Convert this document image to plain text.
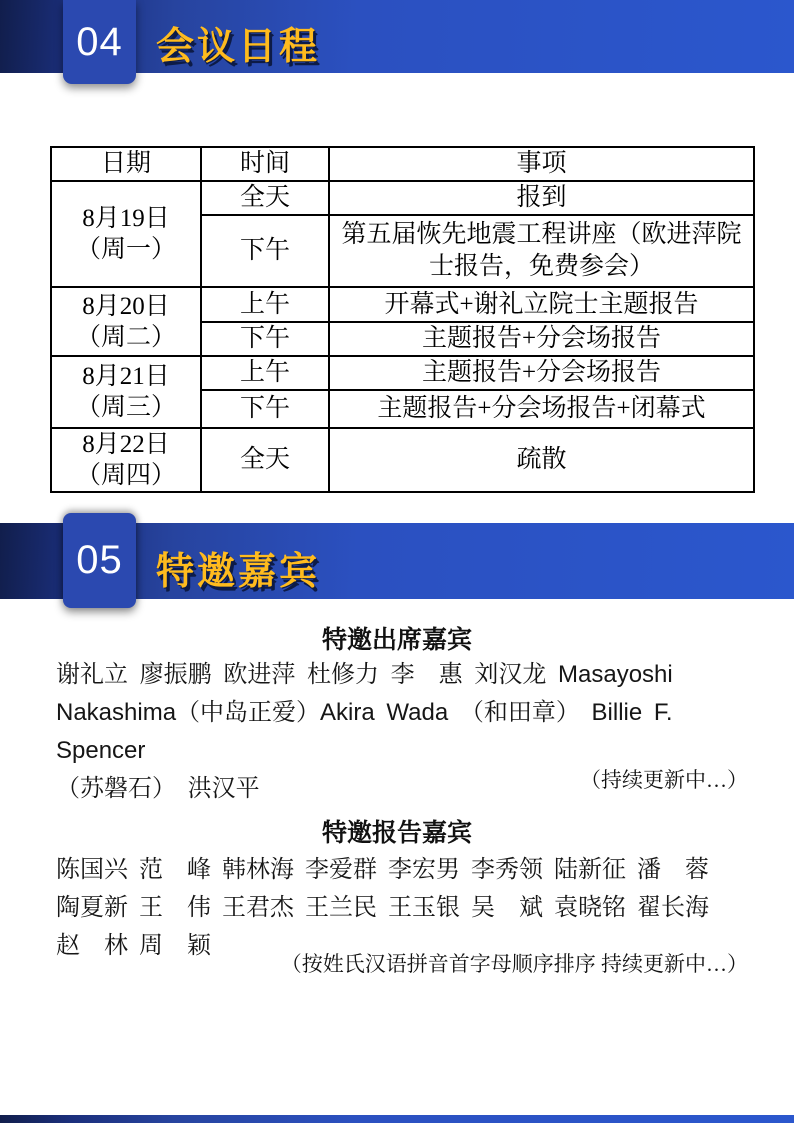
04 会议日程
日期	时间	事项

8月19日
（周一）	全天	报到
	下午	第五届恢先地震工程讲座（欧进萍院士报告，免费参会）

8月20日
（周二）	上午	开幕式+谢礼立院士主题报告
	下午	主题报告+分会场报告

8月21日
（周三）	上午	主题报告+分会场报告
	下午	主题报告+分会场报告+闭幕式

8月22日
（周四）	全天	疏散
05 特邀嘉宾
特邀出席嘉宾
谢礼立 廖振鹏 欧进萍 杜修力 李　惠 刘汉龙 Masayoshi
Nakashima（中岛正爱）Akira Wada （和田章） Billie F. Spencer
（苏磐石） 洪汉平	（持续更新中…）
特邀报告嘉宾
陈国兴 范　峰 韩林海 李爱群 李宏男 李秀领 陆新征 潘　蓉
陶夏新 王　伟 王君杰 王兰民 王玉银 吴　斌 袁晓铭 翟长海
赵　林 周　颖
（按姓氏汉语拼音首字母顺序排序 持续更新中…）
